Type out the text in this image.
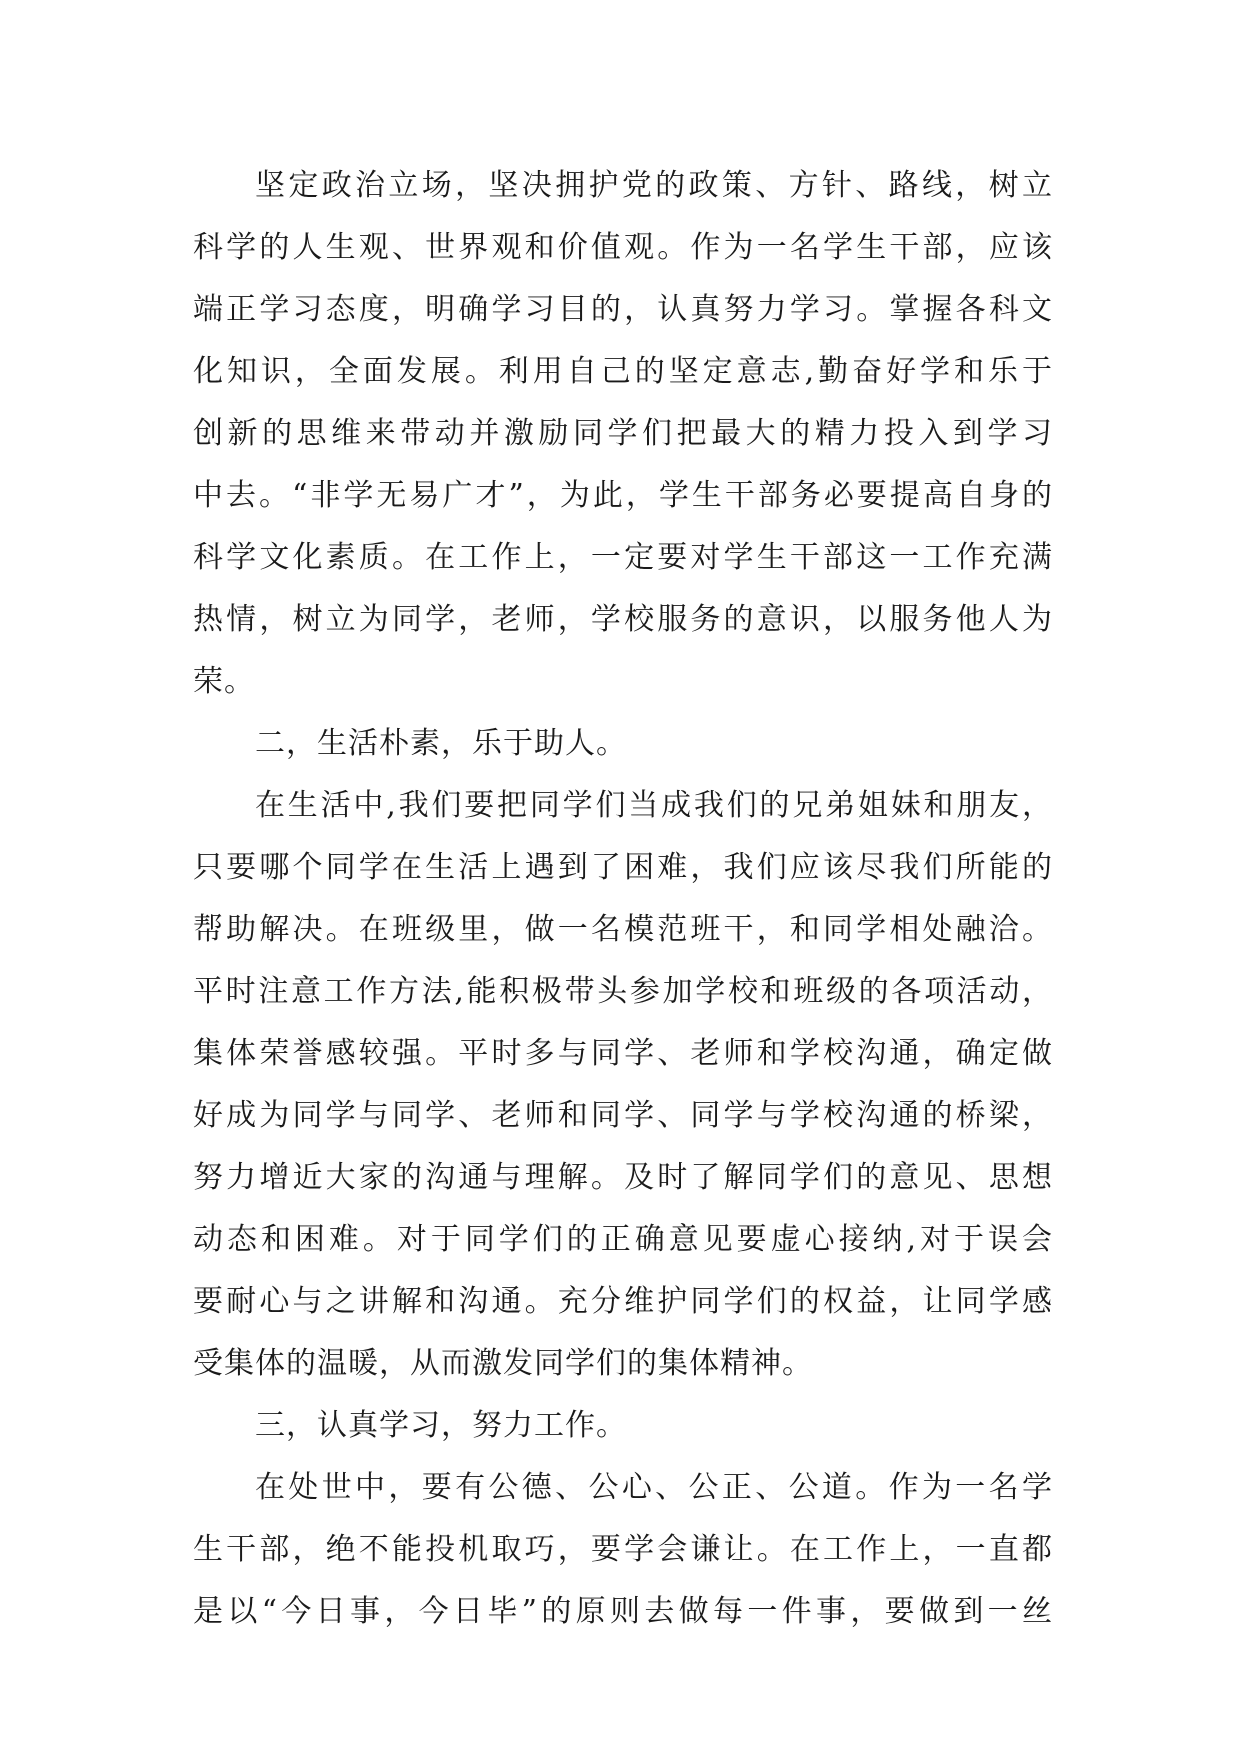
坚定政治立场，坚决拥护党的政策、方针、路线，树立
科学的人生观、世界观和价值观。作为一名学生干部，应该
端正学习态度，明确学习目的，认真努力学习。掌握各科文
化知识，全面发展。利用自己的坚定意志,勤奋好学和乐于
创新的思维来带动并激励同学们把最大的精力投入到学习
中去。“非学无易广才”，为此，学生干部务必要提高自身的
科学文化素质。在工作上，一定要对学生干部这一工作充满
热情，树立为同学，老师，学校服务的意识，以服务他人为
荣。
二，生活朴素，乐于助人。
在生活中,我们要把同学们当成我们的兄弟姐妹和朋友，
只要哪个同学在生活上遇到了困难，我们应该尽我们所能的
帮助解决。在班级里，做一名模范班干，和同学相处融洽。
平时注意工作方法,能积极带头参加学校和班级的各项活动，
集体荣誉感较强。平时多与同学、老师和学校沟通，确定做
好成为同学与同学、老师和同学、同学与学校沟通的桥梁，
努力增近大家的沟通与理解。及时了解同学们的意见、思想
动态和困难。对于同学们的正确意见要虚心接纳,对于误会
要耐心与之讲解和沟通。充分维护同学们的权益，让同学感
受集体的温暖，从而激发同学们的集体精神。
三，认真学习，努力工作。
在处世中，要有公德、公心、公正、公道。作为一名学
生干部，绝不能投机取巧，要学会谦让。在工作上，一直都
是以“今日事，今日毕”的原则去做每一件事，要做到一丝
